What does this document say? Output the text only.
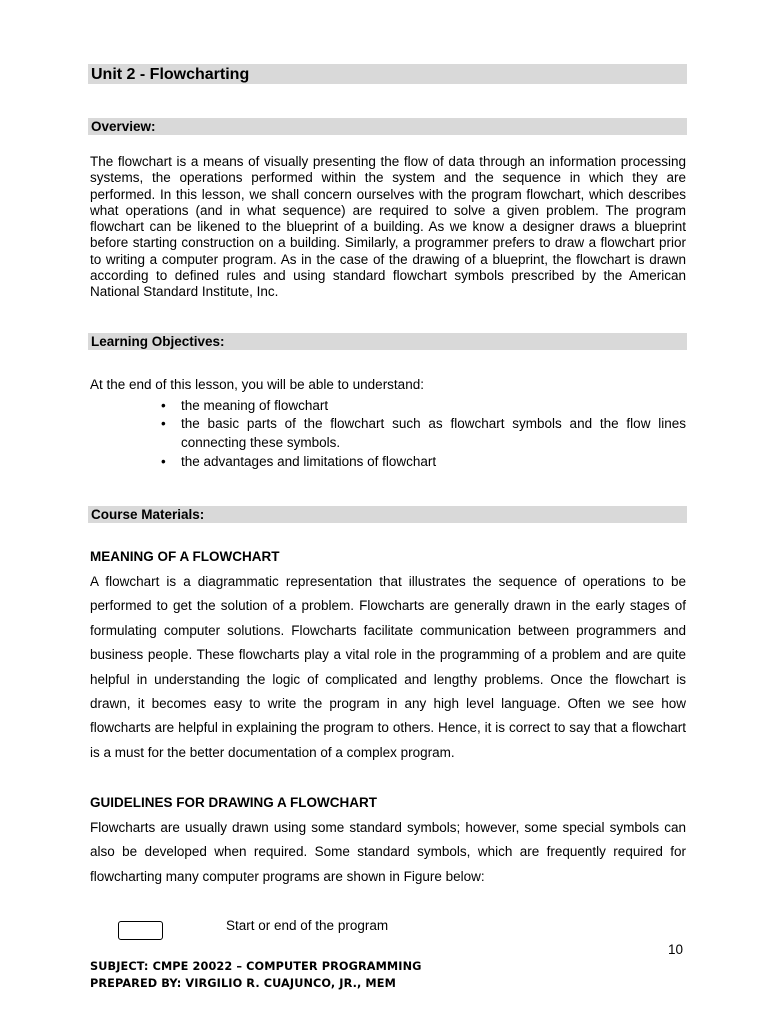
Unit 2 - Flowcharting
Overview:

The flowchart is a means of visually presenting the flow of data through an information processing systems, the operations performed within the system and the sequence in which they are performed. In this lesson, we shall concern ourselves with the program flowchart, which describes what operations (and in what sequence) are required to solve a given problem. The program flowchart can be likened to the blueprint of a building. As we know a designer draws a blueprint before starting construction on a building. Similarly, a programmer prefers to draw a flowchart prior to writing a computer program. As in the case of the drawing of a blueprint, the flowchart is drawn according to defined rules and using standard flowchart symbols prescribed by the American National Standard Institute, Inc.

Learning Objectives:
At the end of this lesson, you will be able to understand:
• the meaning of flowchart
• the basic parts of the flowchart such as flowchart symbols and the flow lines connecting these symbols.
• the advantages and limitations of flowchart
Course Materials:
MEANING OF A FLOWCHART

A flowchart is a diagrammatic representation that illustrates the sequence of operations to be performed to get the solution of a problem. Flowcharts are generally drawn in the early stages of formulating computer solutions. Flowcharts facilitate communication between programmers and business people. These flowcharts play a vital role in the programming of a problem and are quite helpful in understanding the logic of complicated and lengthy problems. Once the flowchart is drawn, it becomes easy to write the program in any high level language. Often we see how flowcharts are helpful in explaining the program to others. Hence, it is correct to say that a flowchart is a must for the better documentation of a complex program.

GUIDELINES FOR DRAWING A FLOWCHART

Flowcharts are usually drawn using some standard symbols; however, some special symbols can also be developed when required. Some standard symbols, which are frequently required for flowcharting many computer programs are shown in Figure below:

Start or end of the program
10
SUBJECT: CMPE 20022 – COMPUTER PROGRAMMING
PREPARED BY: VIRGILIO R. CUAJUNCO, JR., MEM
